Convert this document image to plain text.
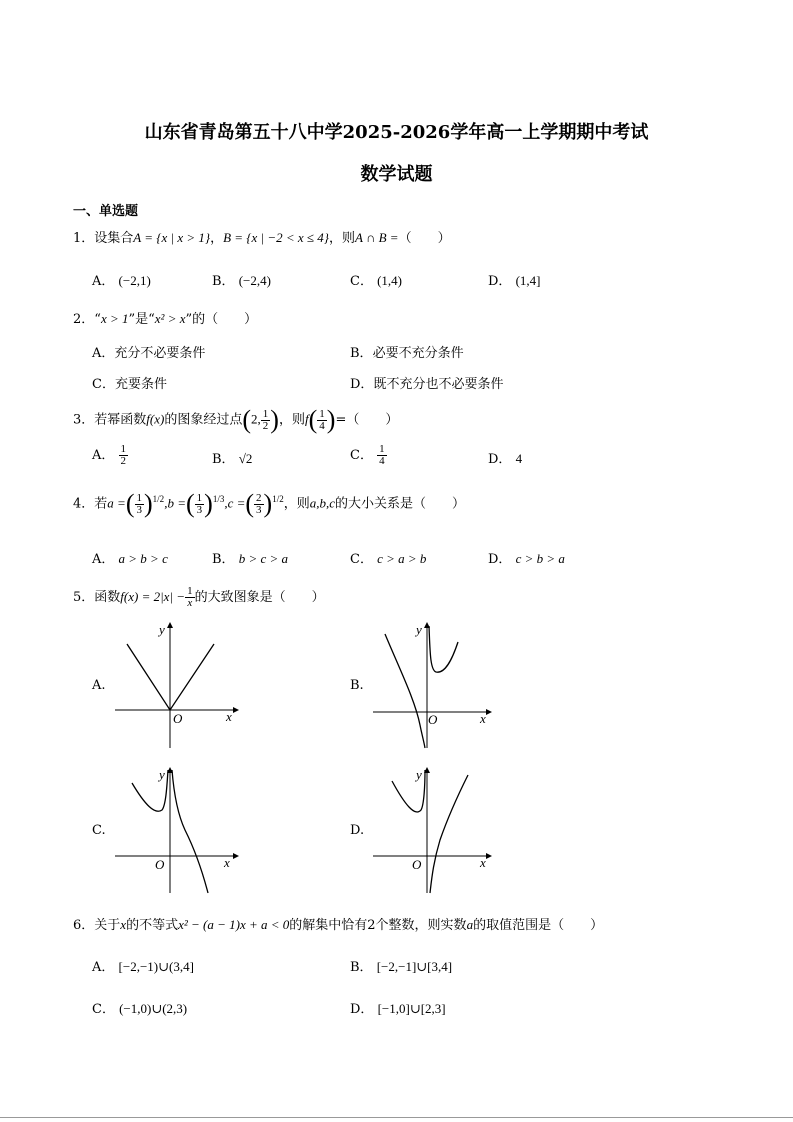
山东省青岛第五十八中学2025-2026学年高一上学期期中考试
数学试题
一、单选题
1．设集合A = {x | x > 1}，B = {x | −2 < x ≤ 4}，则A ∩ B =（　　）
A． (−2,1)	B． (−2,4)	C． (1,4)	D． (1,4]
2．“x > 1”是“x² > x”的（　　）
A．充分不必要条件	B．必要不充分条件
C．充要条件	D．既不充分也不必要条件
3．若幂函数f(x)的图象经过点(2, $\frac{1}{2}$ )，则$f( \frac{1}{4}$ )=（　　）
A． $\frac{1}{2}$	B． √2	C． $\frac{1}{4}$	D． 4
4．若a =( $\frac{1}{3} )^{1/2},b$ =( $\frac{1}{3} )^{1/3},c$ =( $\frac{2}{3} )^{1/2}$，则a,b,c的大小关系是（　　）
A． a > b > c	B． b > c > a	C． c > a > b	D． c > b > a
5．函数$f(x) = 2|x| - \frac{1}{x}$ 的大致图象是（　　）
A.	B.
C.	D.
x
y
O	x
y
O
x
y
O	x
y
O
6．关于x的不等式x² − (a − 1)x + a < 0的解集中恰有2个整数，则实数a的取值范围是（　　）
A． [−2,−1)∪(3,4]	B． [−2,−1]∪[3,4]
C． (−1,0)∪(2,3)	D． [−1,0]∪[2,3]
